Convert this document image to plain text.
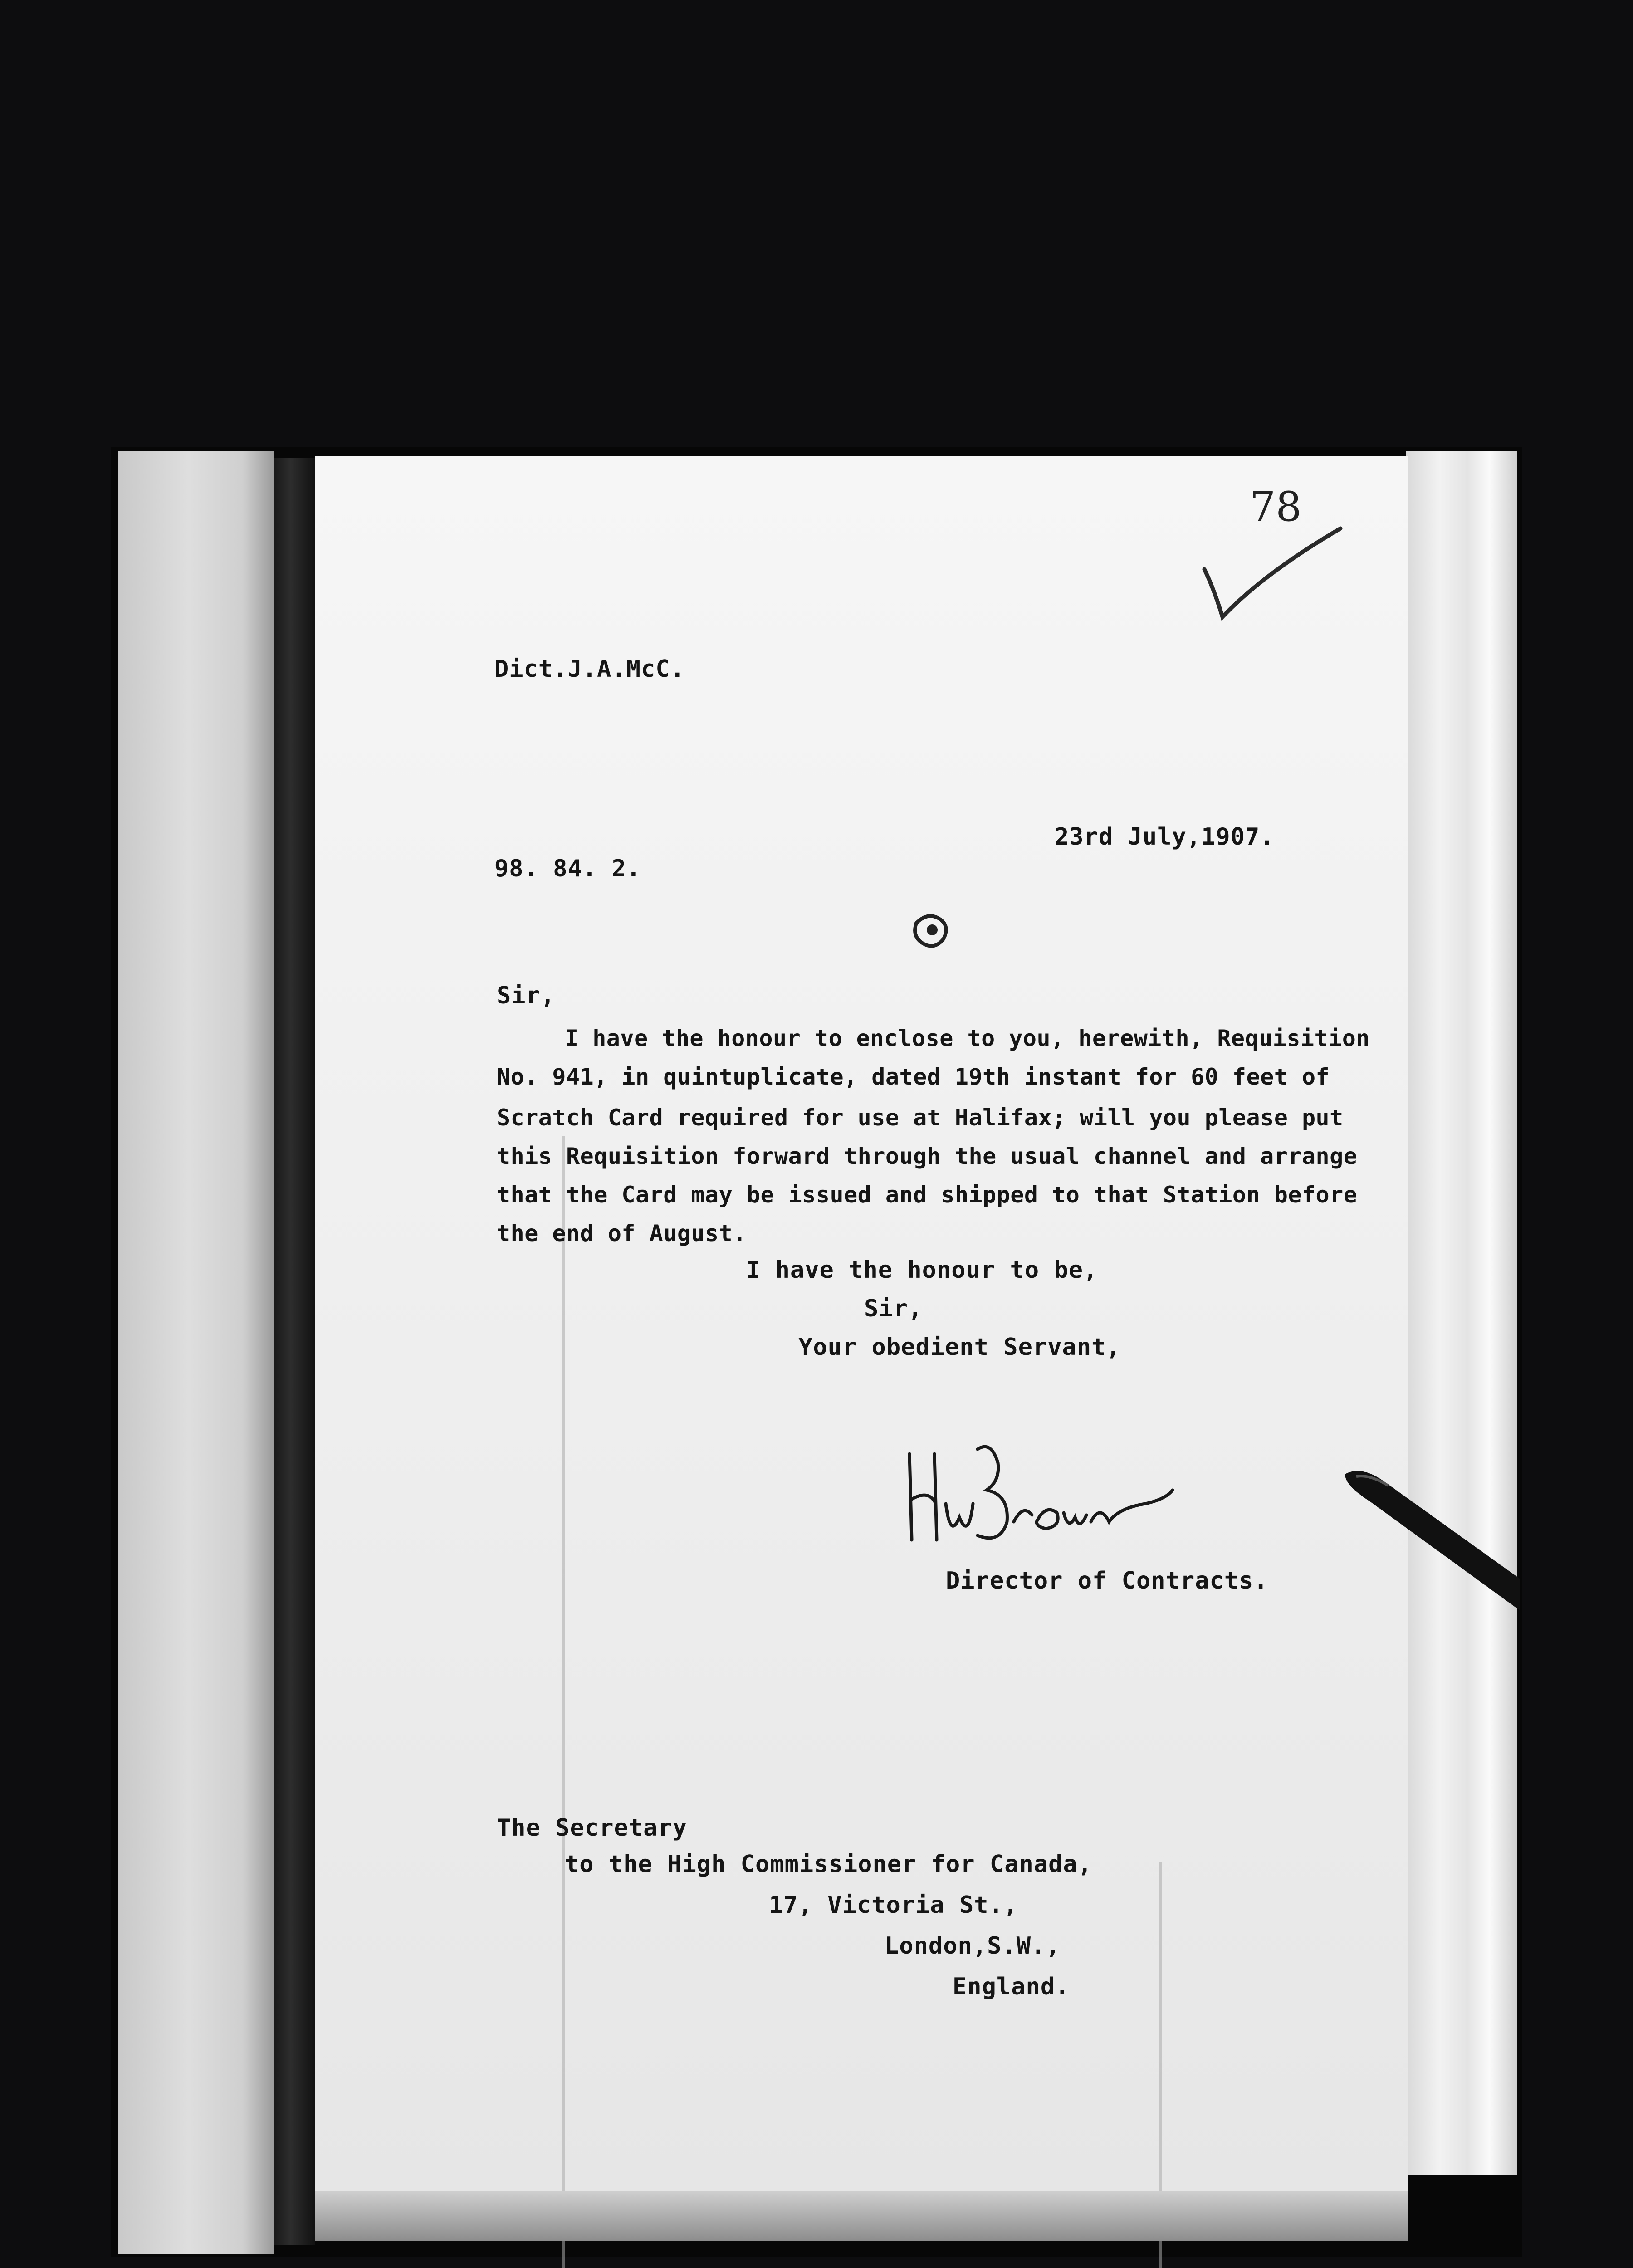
78
Dict.J.A.McC.
23rd July,1907.
98. 84. 2.
Sir,
I have the honour to enclose to you, herewith, Requisition
No. 941, in quintuplicate, dated 19th instant for 60 feet of
Scratch Card required for use at Halifax; will you please put
this Requisition forward through the usual channel and arrange
that the Card may be issued and shipped to that Station before
the end of August.
I have the honour to be,
Sir,
Your obedient Servant,
Director of Contracts.
The Secretary
to the High Commissioner for Canada,
17, Victoria St.,
London,S.W.,
England.
